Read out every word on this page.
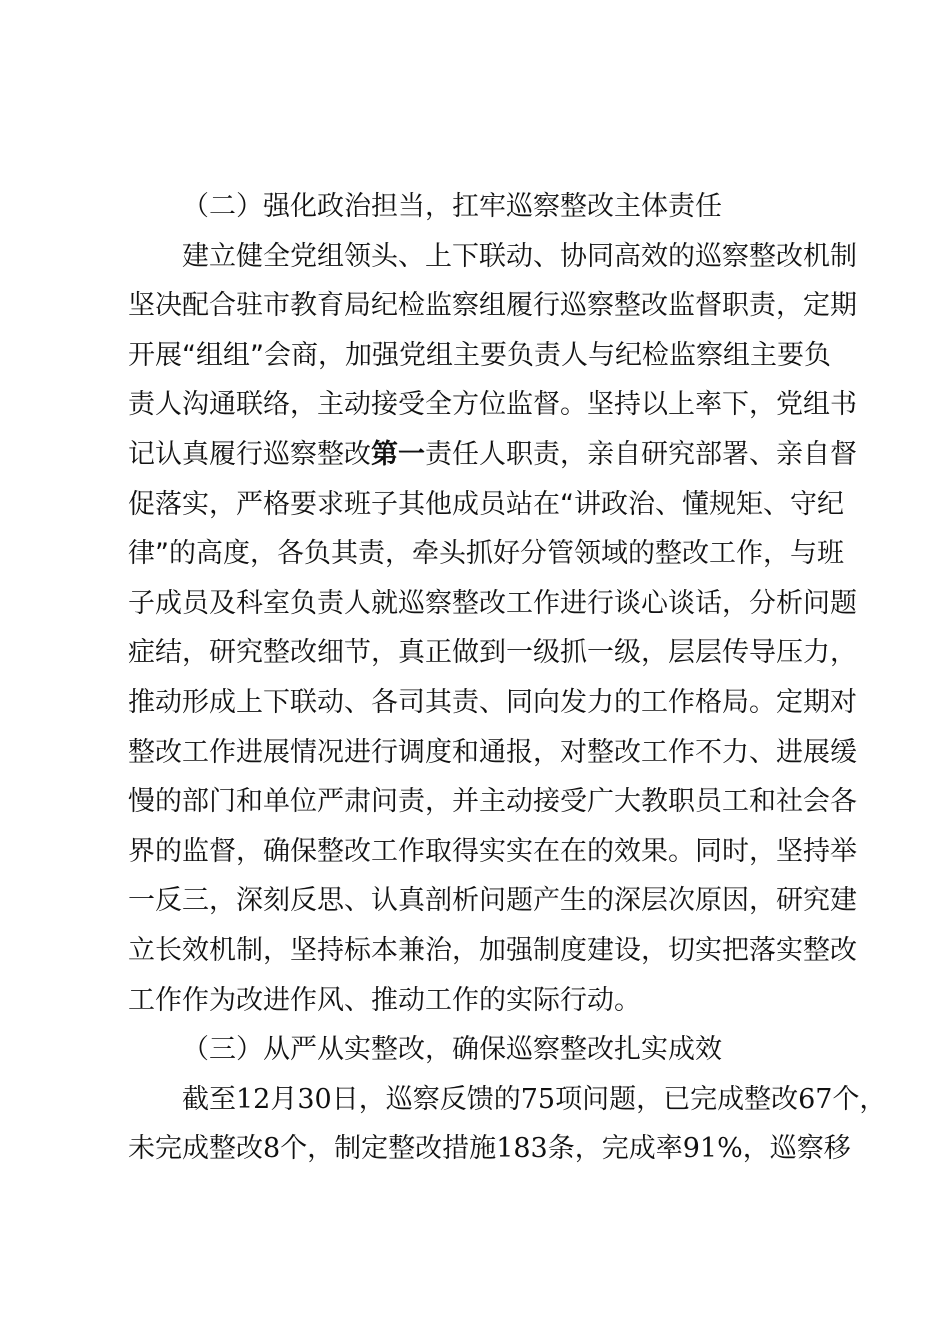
（二）强化政治担当，扛牢巡察整改主体责任
建立健全党组领头、上下联动、协同高效的巡察整改机制
坚决配合驻市教育局纪检监察组履行巡察整改监督职责，定期
开展“组组”会商，加强党组主要负责人与纪检监察组主要负
责人沟通联络，主动接受全方位监督。坚持以上率下，党组书
记认真履行巡察整改第一责任人职责，亲自研究部署、亲自督
促落实，严格要求班子其他成员站在“讲政治、懂规矩、守纪
律”的高度，各负其责，牵头抓好分管领域的整改工作，与班
子成员及科室负责人就巡察整改工作进行谈心谈话，分析问题
症结，研究整改细节，真正做到一级抓一级，层层传导压力，
推动形成上下联动、各司其责、同向发力的工作格局。定期对
整改工作进展情况进行调度和通报，对整改工作不力、进展缓
慢的部门和单位严肃问责，并主动接受广大教职员工和社会各
界的监督，确保整改工作取得实实在在的效果。同时，坚持举
一反三，深刻反思、认真剖析问题产生的深层次原因，研究建
立长效机制，坚持标本兼治，加强制度建设，切实把落实整改
工作作为改进作风、推动工作的实际行动。
（三）从严从实整改，确保巡察整改扎实成效
截至12月30日，巡察反馈的75项问题，已完成整改67个，
未完成整改8个，制定整改措施183条，完成率91%，巡察移
